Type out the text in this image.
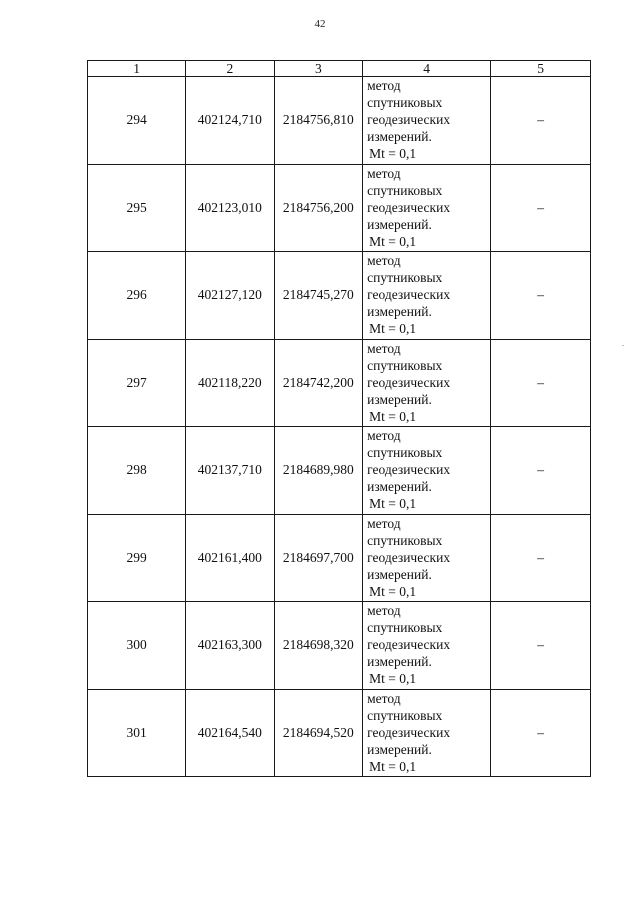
42
1	2	3	4	5
294	402124,710	2184756,810	метод
спутниковых
геодезических
измерений.
Mt = 0,1	–
295	402123,010	2184756,200	метод
спутниковых
геодезических
измерений.
Mt = 0,1	–
296	402127,120	2184745,270	метод
спутниковых
геодезических
измерений.
Mt = 0,1	–
297	402118,220	2184742,200	метод
спутниковых
геодезических
измерений.
Mt = 0,1	–
298	402137,710	2184689,980	метод
спутниковых
геодезических
измерений.
Mt = 0,1	–
299	402161,400	2184697,700	метод
спутниковых
геодезических
измерений.
Mt = 0,1	–
300	402163,300	2184698,320	метод
спутниковых
геодезических
измерений.
Mt = 0,1	–
301	402164,540	2184694,520	метод
спутниковых
геодезических
измерений.
Mt = 0,1	–
